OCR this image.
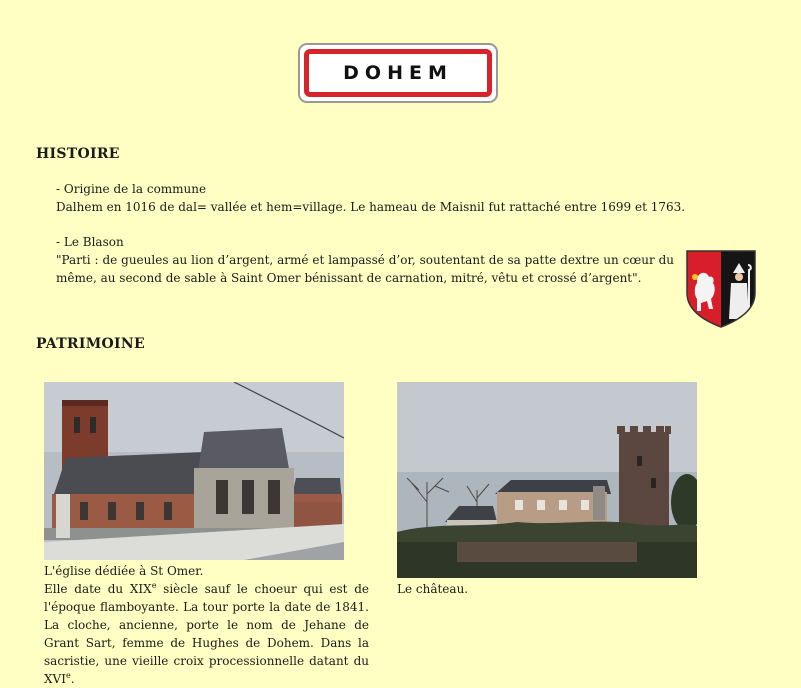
DOHEM
HISTOIRE
- Origine de la commune
Dalhem en 1016 de dal= vallée et hem=village. Le hameau de Maisnil fut rattaché entre 1699 et 1763.
- Le Blason
"Parti : de gueules au lion d’argent, armé et lampassé d’or, soutentant de sa patte dextre un cœur du même, au second de sable à Saint Omer bénissant de carnation, mitré, vêtu et crossé d’argent".
PATRIMOINE
L'église dédiée à St Omer.
Elle date du XIXe siècle sauf le choeur qui est de l'époque flamboyante. La tour porte la date de 1841. La cloche, ancienne, porte le nom de Jehane de Grant Sart, femme de Hughes de Dohem. Dans la sacristie, une vieille croix processionnelle datant du XVIe.
Le château.
